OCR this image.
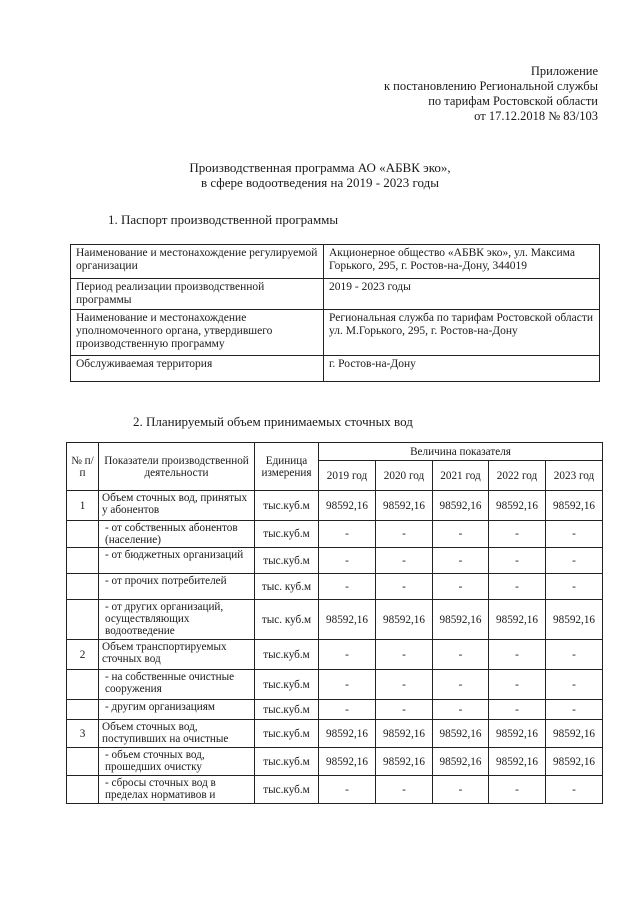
Приложение
к постановлению Региональной службы
по тарифам Ростовской области
от 17.12.2018 № 83/103
Производственная программа АО «АБВК эко»,
в сфере водоотведения на 2019 - 2023 годы
1. Паспорт производственной программы
Наименование и местонахождение регулируемой организации	Акционерное общество «АБВК эко», ул. Максима Горького, 295, г. Ростов-на-Дону, 344019
Период реализации производственной программы	2019 - 2023 годы
Наименование и местонахождение уполномоченного органа, утвердившего производственную программу	Региональная служба по тарифам Ростовской области
ул. М.Горького, 295, г. Ростов-на-Дону
Обслуживаемая территория	г. Ростов-на-Дону
2. Планируемый объем принимаемых сточных вод
№ п/п	Показатели производственной деятельности	Единица измерения	Величина показателя				
			2019 год	2020 год	2021 год	2022 год	2023 год
1	Объем сточных вод, принятых у абонентов	тыс.куб.м	98592,16	98592,16	98592,16	98592,16	98592,16
	- от собственных абонентов (население)	тыс.куб.м	-	-	-	-	-
	- от бюджетных организаций	тыс.куб.м	-	-	-	-	-
	- от прочих потребителей	тыс. куб.м	-	-	-	-	-
	- от других организаций, осуществляющих водоотведение	тыс. куб.м	98592,16	98592,16	98592,16	98592,16	98592,16
2	Объем транспортируемых сточных вод	тыс.куб.м	-	-	-	-	-
	- на собственные очистные сооружения	тыс.куб.м	-	-	-	-	-
	- другим организациям	тыс.куб.м	-	-	-	-	-
3	Объем сточных вод, поступивших на очистные	тыс.куб.м	98592,16	98592,16	98592,16	98592,16	98592,16
	- объем сточных вод, прошедших очистку	тыс.куб.м	98592,16	98592,16	98592,16	98592,16	98592,16
	- сбросы сточных вод в пределах нормативов и	тыс.куб.м	-	-	-	-	-
